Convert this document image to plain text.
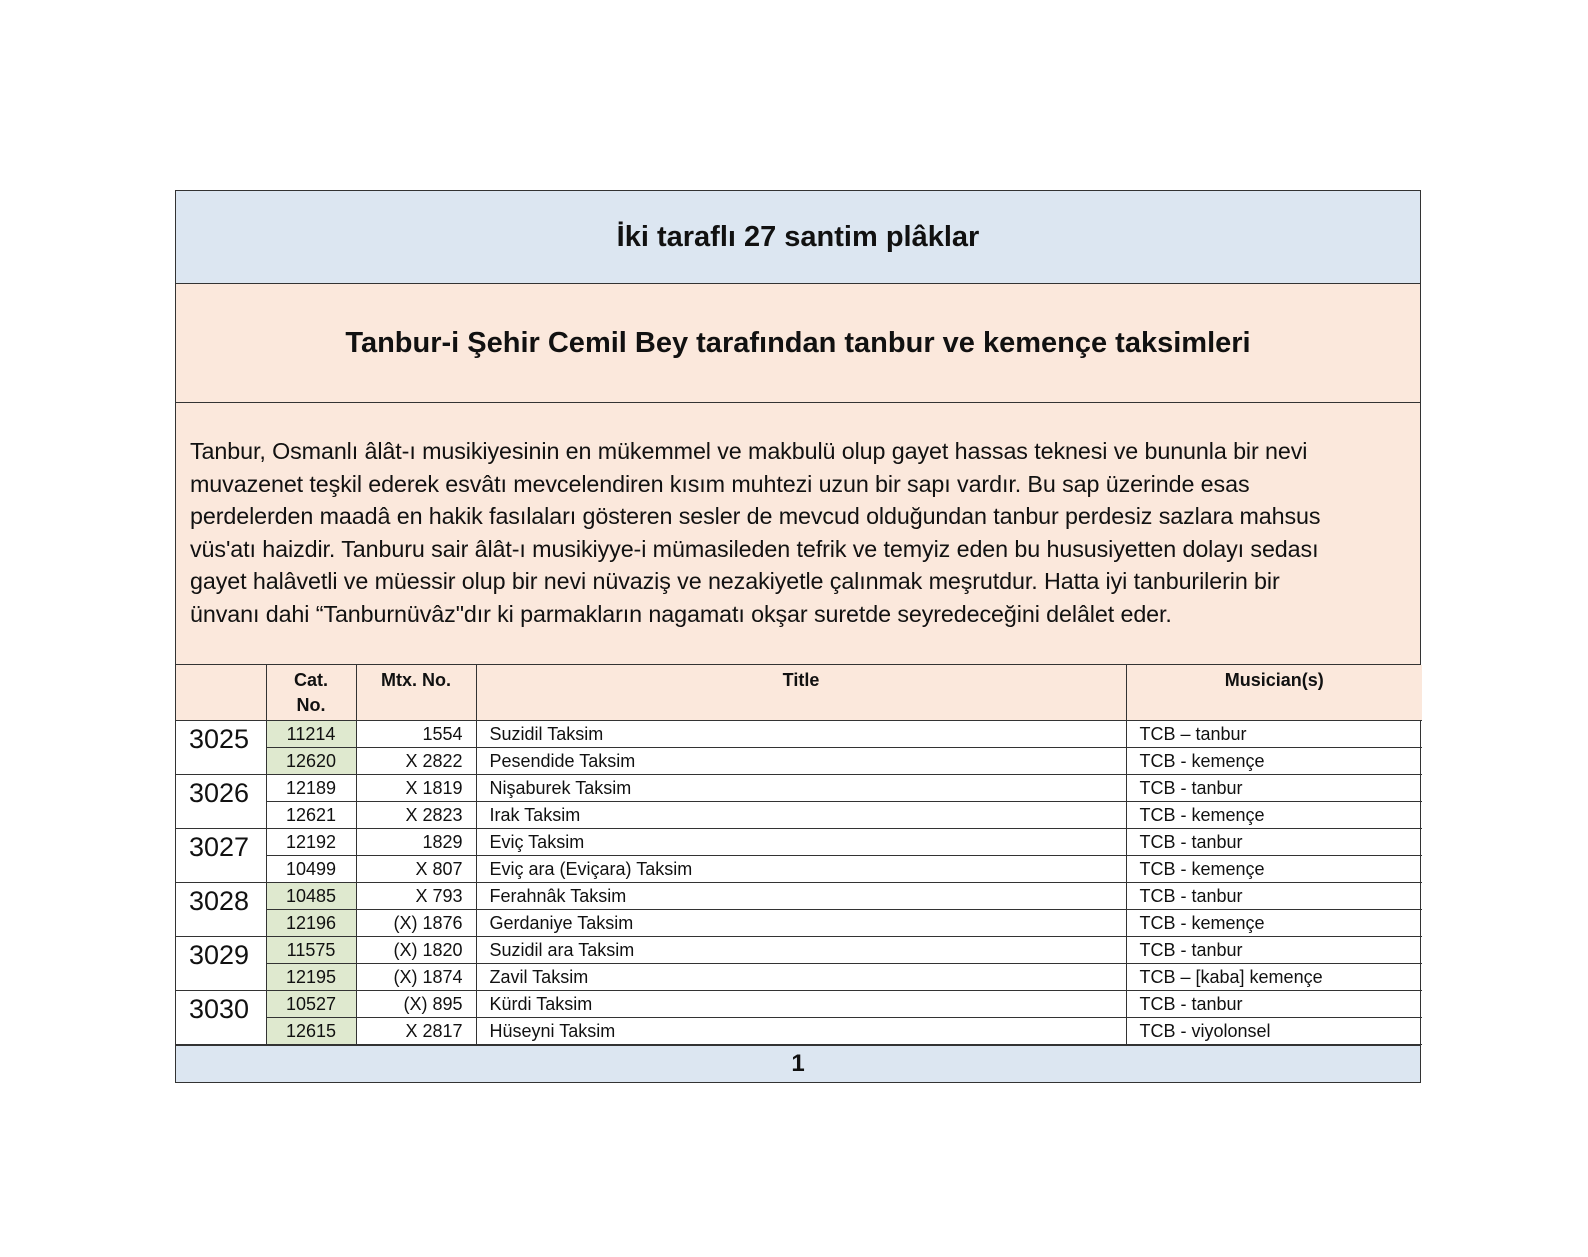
İki taraflı 27 santim plâklar
Tanbur-i Şehir Cemil Bey tarafından tanbur ve kemençe taksimleri
Tanbur, Osmanlı âlât-ı musikiyesinin en mükemmel ve makbulü olup gayet hassas teknesi ve bununla bir nevi
muvazenet teşkil ederek esvâtı mevcelendiren kısım muhtezi uzun bir sapı vardır. Bu sap üzerinde esas
perdelerden maadâ en hakik fasılaları gösteren sesler de mevcud olduğundan tanbur perdesiz sazlara mahsus
vüs'atı haizdir. Tanburu sair âlât-ı musikiyye-i mümasileden tefrik ve temyiz eden bu hususiyetten dolayı sedası
gayet halâvetli ve müessir olup bir nevi nüvaziş ve nezakiyetle çalınmak meşrutdur. Hatta iyi tanburilerin bir
ünvanı dahi “Tanburnüvâz"dır ki parmakların nagamatı okşar suretde seyredeceğini delâlet eder.

	Cat.
No.	Mtx. No.	Title	Musician(s)
3025	11214	1554	Suzidil Taksim	TCB – tanbur
	12620	X 2822	Pesendide Taksim	TCB - kemençe
3026	12189	X 1819	Nişaburek Taksim	TCB - tanbur
	12621	X 2823	Irak Taksim	TCB - kemençe
3027	12192	1829	Eviç Taksim	TCB - tanbur
	10499	X 807	Eviç ara (Eviçara) Taksim	TCB - kemençe
3028	10485	X 793	Ferahnâk Taksim	TCB - tanbur
	12196	(X) 1876	Gerdaniye Taksim	TCB - kemençe
3029	11575	(X) 1820	Suzidil ara Taksim	TCB - tanbur
	12195	(X) 1874	Zavil Taksim	TCB – [kaba] kemençe
3030	10527	(X) 895	Kürdi Taksim	TCB - tanbur
	12615	X 2817	Hüseyni Taksim	TCB - viyolonsel
1
